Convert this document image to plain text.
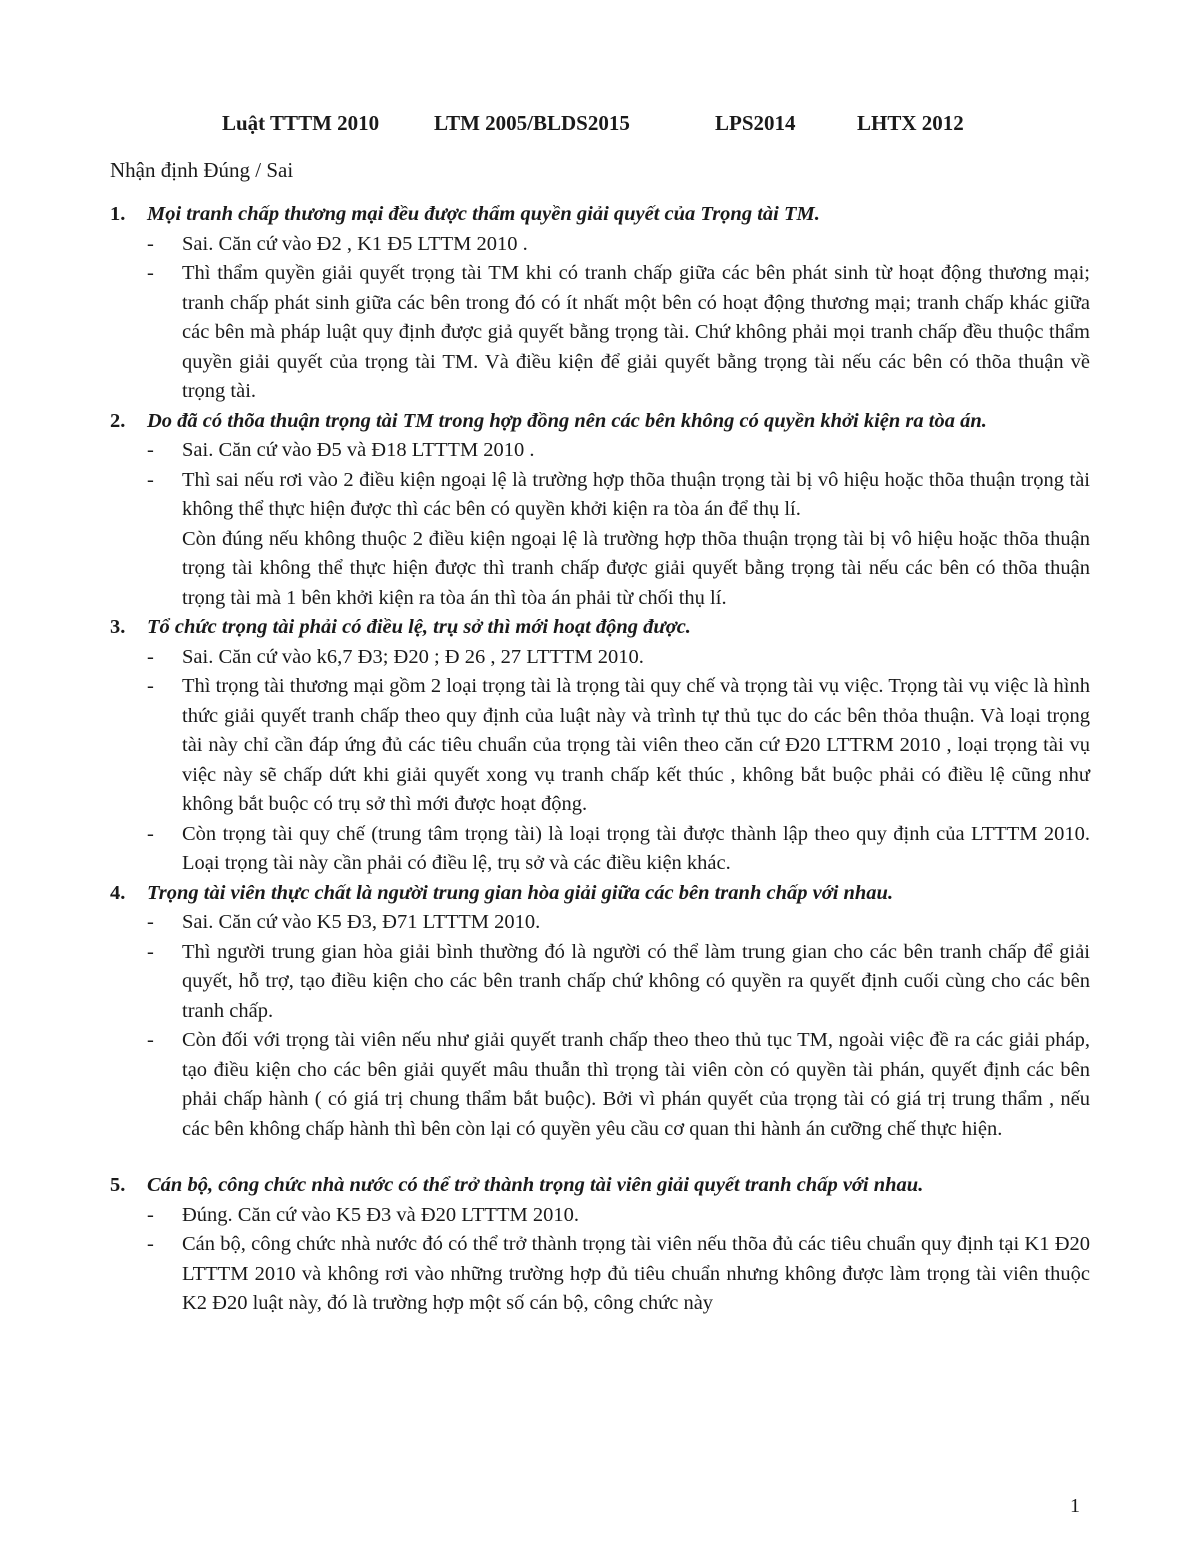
Luật TTTM 2010	LTM 2005/BLDS2015	LPS2014	LHTX 2012
Nhận định Đúng / Sai

1. Mọi tranh chấp thương mại đều được thẩm quyền giải quyết của Trọng tài TM.

- Sai. Căn cứ vào Đ2 , K1 Đ5 LTTM 2010 .

- Thì thẩm quyền giải quyết trọng tài TM khi có tranh chấp giữa các bên phát sinh từ hoạt động thương mại; tranh chấp phát sinh giữa các bên trong đó có ít nhất một bên có hoạt động thương mại; tranh chấp khác giữa các bên mà pháp luật quy định được giả quyết bằng trọng tài. Chứ không phải mọi tranh chấp đều thuộc thẩm quyền giải quyết của trọng tài TM. Và điều kiện để giải quyết bằng trọng tài nếu các bên có thõa thuận về trọng tài.

2. Do đã có thõa thuận trọng tài TM trong hợp đồng nên các bên không có quyền khởi kiện ra tòa án.

- Sai. Căn cứ vào Đ5 và Đ18 LTTTM 2010 .

- Thì sai nếu rơi vào 2 điều kiện ngoại lệ là trường hợp thõa thuận trọng tài bị vô hiệu hoặc thõa thuận trọng tài không thể thực hiện được thì các bên có quyền khởi kiện ra tòa án để thụ lí.

Còn đúng nếu không thuộc 2 điều kiện ngoại lệ là trường hợp thõa thuận trọng tài bị vô hiệu hoặc thõa thuận trọng tài không thể thực hiện được thì tranh chấp được giải quyết bằng trọng tài nếu các bên có thõa thuận trọng tài mà 1 bên khởi kiện ra tòa án thì tòa án phải từ chối thụ lí.

3. Tổ chức trọng tài phải có điều lệ, trụ sở thì mới hoạt động được.

- Sai. Căn cứ vào k6,7 Đ3; Đ20 ; Đ 26 , 27 LTTTM 2010.

- Thì trọng tài thương mại gồm 2 loại trọng tài là trọng tài quy chế và trọng tài vụ việc. Trọng tài vụ việc là hình thức giải quyết tranh chấp theo quy định của luật này và trình tự thủ tục do các bên thỏa thuận. Và loại trọng tài này chỉ cần đáp ứng đủ các tiêu chuẩn của trọng tài viên theo căn cứ Đ20 LTTRM 2010 , loại trọng tài vụ việc này sẽ chấp dứt khi giải quyết xong vụ tranh chấp kết thúc , không bắt buộc phải có điều lệ cũng như không bắt buộc có trụ sở thì mới được hoạt động.

- Còn trọng tài quy chế (trung tâm trọng tài) là loại trọng tài được thành lập theo quy định của LTTTM 2010. Loại trọng tài này cần phải có điều lệ, trụ sở và các điều kiện khác.

4. Trọng tài viên thực chất là người trung gian hòa giải giữa các bên tranh chấp với nhau.

- Sai. Căn cứ vào K5 Đ3, Đ71 LTTTM 2010.

- Thì người trung gian hòa giải bình thường đó là người có thể làm trung gian cho các bên tranh chấp để giải quyết, hỗ trợ, tạo điều kiện cho các bên tranh chấp chứ không có quyền ra quyết định cuối cùng cho các bên tranh chấp.

- Còn đối với trọng tài viên nếu như giải quyết tranh chấp theo theo thủ tục TM, ngoài việc đề ra các giải pháp, tạo điều kiện cho các bên giải quyết mâu thuẫn thì trọng tài viên còn có quyền tài phán, quyết định các bên phải chấp hành ( có giá trị chung thẩm bắt buộc). Bởi vì phán quyết của trọng tài có giá trị trung thẩm , nếu các bên không chấp hành thì bên còn lại có quyền yêu cầu cơ quan thi hành án cưỡng chế thực hiện.

5. Cán bộ, công chức nhà nước có thể trở thành trọng tài viên giải quyết tranh chấp với nhau.

- Đúng. Căn cứ vào K5 Đ3 và Đ20 LTTTM 2010.

- Cán bộ, công chức nhà nước đó có thể trở thành trọng tài viên nếu thõa đủ các tiêu chuẩn quy định tại K1 Đ20 LTTTM 2010 và không rơi vào những trường hợp đủ tiêu chuẩn nhưng không được làm trọng tài viên thuộc K2 Đ20 luật này, đó là trường hợp một số cán bộ, công chức này

1
